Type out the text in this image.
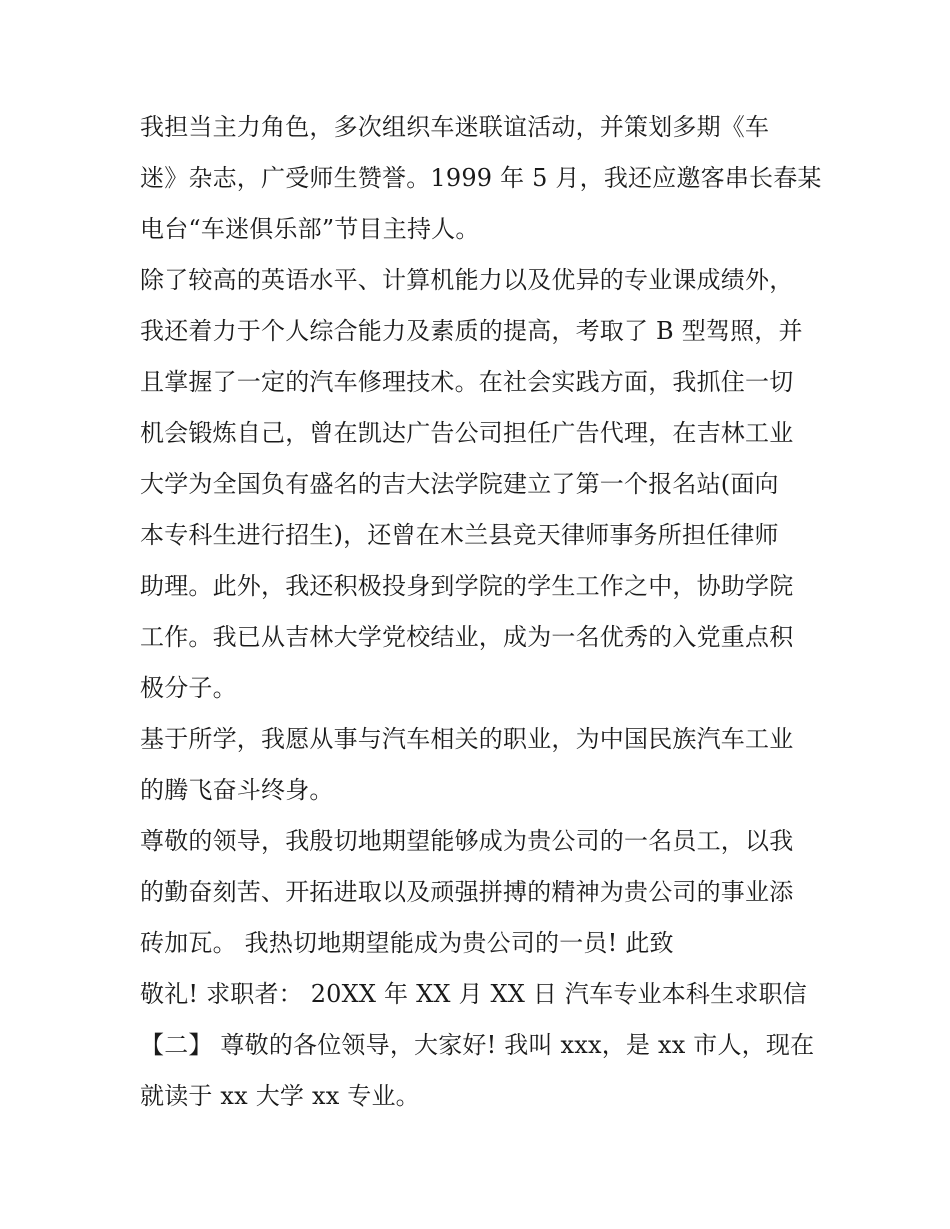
我担当主力角色，多次组织车迷联谊活动，并策划多期《车
迷》杂志，广受师生赞誉。1999 年 5 月，我还应邀客串长春某
电台“车迷俱乐部”节目主持人。
除了较高的英语水平、计算机能力以及优异的专业课成绩外，
我还着力于个人综合能力及素质的提高，考取了 B 型驾照，并
且掌握了一定的汽车修理技术。在社会实践方面，我抓住一切
机会锻炼自己，曾在凯达广告公司担任广告代理，在吉林工业
大学为全国负有盛名的吉大法学院建立了第一个报名站(面向
本专科生进行招生)，还曾在木兰县竞天律师事务所担任律师
助理。此外，我还积极投身到学院的学生工作之中，协助学院
工作。我已从吉林大学党校结业，成为一名优秀的入党重点积
极分子。
基于所学，我愿从事与汽车相关的职业，为中国民族汽车工业
的腾飞奋斗终身。
尊敬的领导，我殷切地期望能够成为贵公司的一名员工，以我
的勤奋刻苦、开拓进取以及顽强拼搏的精神为贵公司的事业添
砖加瓦。 我热切地期望能成为贵公司的一员! 此致
敬礼! 求职者： 20XX 年 XX 月 XX 日 汽车专业本科生求职信
【二】 尊敬的各位领导，大家好! 我叫 xxx，是 xx 市人，现在
就读于 xx 大学 xx 专业。
